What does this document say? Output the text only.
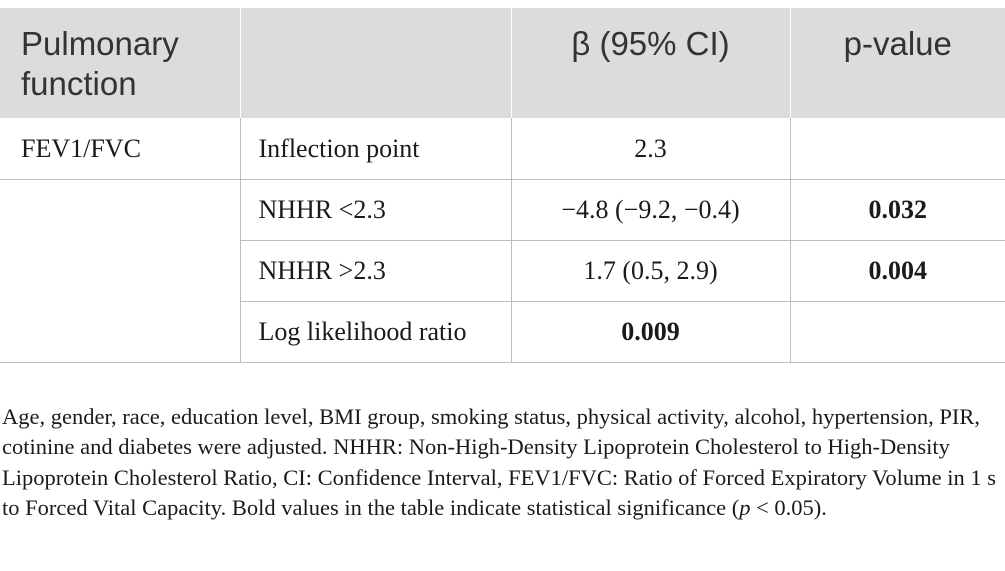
Pulmonary function		β (95% CI)	p-value
FEV1/FVC	Inflection point	2.3	
	NHHR <2.3	−4.8 (−9.2, −0.4)	0.032
	NHHR >2.3	1.7 (0.5, 2.9)	0.004
	Log likelihood ratio	0.009	

Age, gender, race, education level, BMI group, smoking status, physical activity, alcohol, hypertension, PIR, cotinine and diabetes were adjusted. NHHR: Non-High-Density Lipoprotein Cholesterol to High-Density Lipoprotein Cholesterol Ratio, CI: Confidence Interval, FEV1/FVC: Ratio of Forced Expiratory Volume in 1 s to Forced Vital Capacity. Bold values in the table indicate statistical significance (p < 0.05).
